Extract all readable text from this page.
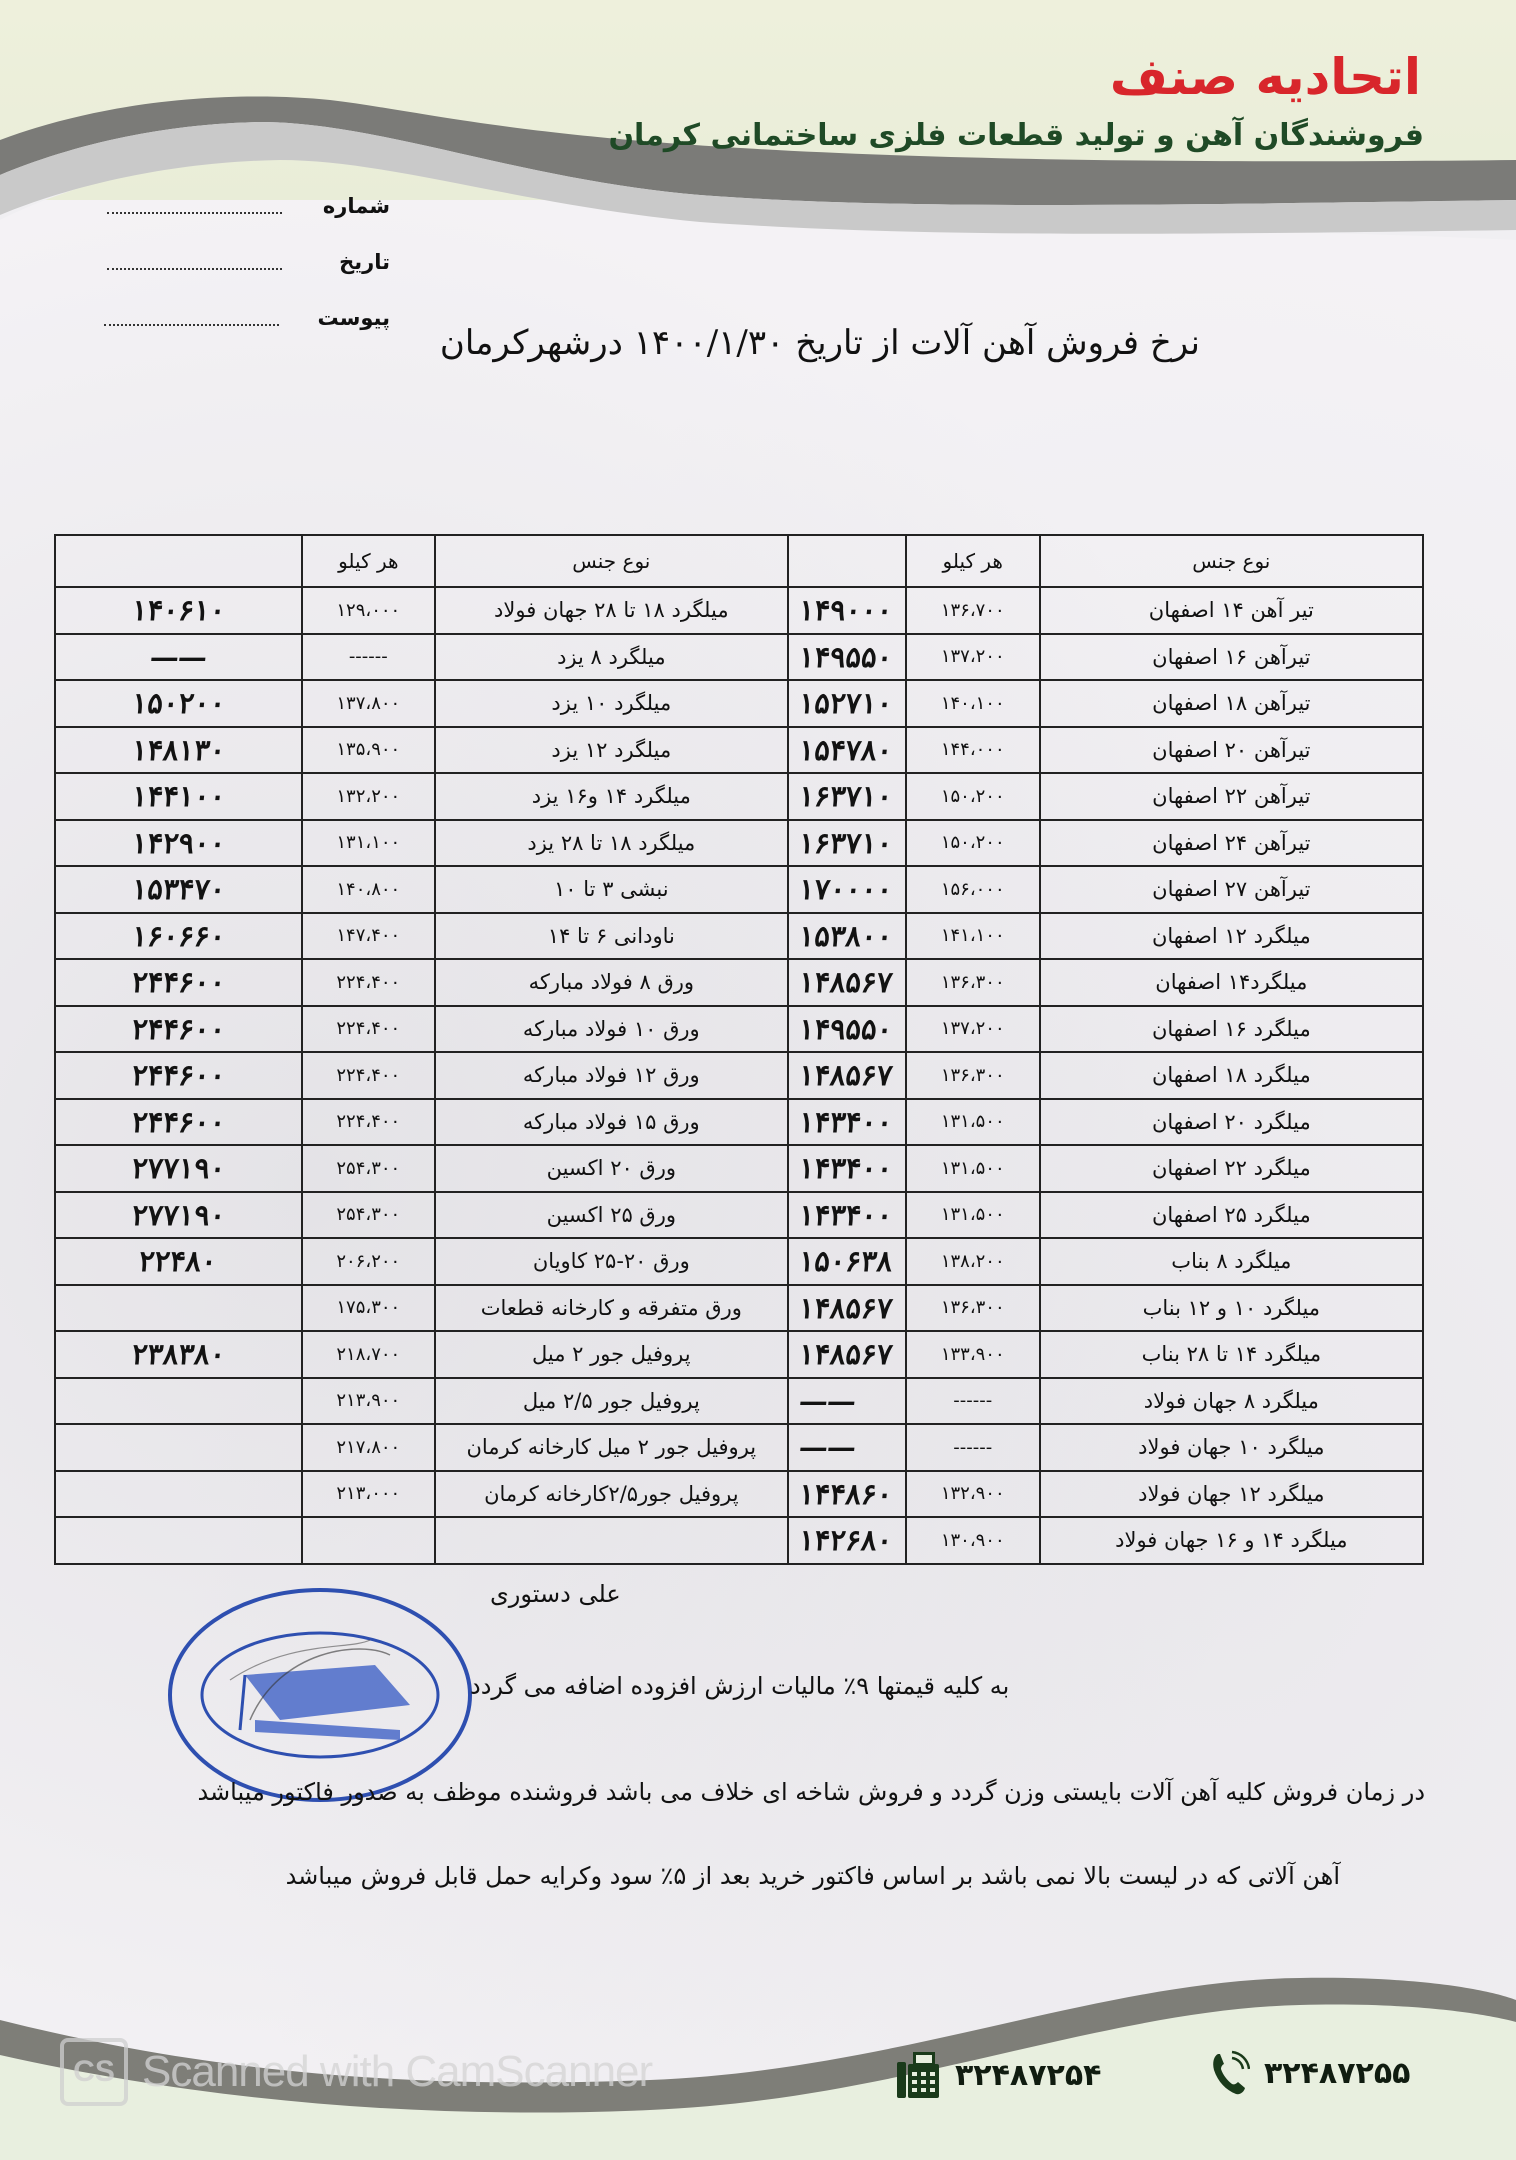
اتحادیه صنف
فروشندگان آهن و تولید قطعات فلزی ساختمانی کرمان
شماره
تاریخ
پیوست
نرخ فروش آهن آلات از تاریخ ۱۴۰۰/۱/۳۰ درشهرکرمان
	هر کیلو	نوع جنس		هر کیلو	نوع جنس
۱۴۰۶۱۰	۱۲۹،۰۰۰	میلگرد ۱۸ تا ۲۸ جهان فولاد	۱۴۹۰۰۰	۱۳۶،۷۰۰	تیر آهن ۱۴ اصفهان
——	------	میلگرد ۸ یزد	۱۴۹۵۵۰	۱۳۷،۲۰۰	تیرآهن ۱۶ اصفهان
۱۵۰۲۰۰	۱۳۷،۸۰۰	میلگرد ۱۰ یزد	۱۵۲۷۱۰	۱۴۰،۱۰۰	تیرآهن ۱۸ اصفهان
۱۴۸۱۳۰	۱۳۵،۹۰۰	میلگرد ۱۲ یزد	۱۵۴۷۸۰	۱۴۴،۰۰۰	تیرآهن ۲۰ اصفهان
۱۴۴۱۰۰	۱۳۲،۲۰۰	میلگرد ۱۴ و۱۶ یزد	۱۶۳۷۱۰	۱۵۰،۲۰۰	تیرآهن ۲۲ اصفهان
۱۴۲۹۰۰	۱۳۱،۱۰۰	میلگرد ۱۸ تا ۲۸ یزد	۱۶۳۷۱۰	۱۵۰،۲۰۰	تیرآهن ۲۴ اصفهان
۱۵۳۴۷۰	۱۴۰،۸۰۰	نبشی ۳ تا ۱۰	۱۷۰۰۰۰	۱۵۶،۰۰۰	تیرآهن ۲۷ اصفهان
۱۶۰۶۶۰	۱۴۷،۴۰۰	ناودانی ۶ تا ۱۴	۱۵۳۸۰۰	۱۴۱،۱۰۰	میلگرد ۱۲ اصفهان
۲۴۴۶۰۰	۲۲۴،۴۰۰	ورق ۸ فولاد مبارکه	۱۴۸۵۶۷	۱۳۶،۳۰۰	میلگرد۱۴ اصفهان
۲۴۴۶۰۰	۲۲۴،۴۰۰	ورق ۱۰ فولاد مبارکه	۱۴۹۵۵۰	۱۳۷،۲۰۰	میلگرد ۱۶ اصفهان
۲۴۴۶۰۰	۲۲۴،۴۰۰	ورق ۱۲ فولاد مبارکه	۱۴۸۵۶۷	۱۳۶،۳۰۰	میلگرد ۱۸ اصفهان
۲۴۴۶۰۰	۲۲۴،۴۰۰	ورق ۱۵ فولاد مبارکه	۱۴۳۴۰۰	۱۳۱،۵۰۰	میلگرد ۲۰ اصفهان
۲۷۷۱۹۰	۲۵۴،۳۰۰	ورق ۲۰ اکسین	۱۴۳۴۰۰	۱۳۱،۵۰۰	میلگرد ۲۲ اصفهان
۲۷۷۱۹۰	۲۵۴،۳۰۰	ورق ۲۵ اکسین	۱۴۳۴۰۰	۱۳۱،۵۰۰	میلگرد ۲۵ اصفهان
۲۲۴۸۰	۲۰۶،۲۰۰	ورق ۲۰-۲۵ کاویان	۱۵۰۶۳۸	۱۳۸،۲۰۰	میلگرد ۸ بناب
	۱۷۵،۳۰۰	ورق متفرقه و کارخانه قطعات	۱۴۸۵۶۷	۱۳۶،۳۰۰	میلگرد ۱۰ و ۱۲ بناب
۲۳۸۳۸۰	۲۱۸،۷۰۰	پروفیل جور ۲ میل	۱۴۸۵۶۷	۱۳۳،۹۰۰	میلگرد ۱۴ تا ۲۸ بناب
	۲۱۳،۹۰۰	پروفیل جور ۲/۵ میل	——	------	میلگرد ۸ جهان فولاد
	۲۱۷،۸۰۰	پروفیل جور ۲ میل کارخانه کرمان	——	------	میلگرد ۱۰ جهان فولاد
	۲۱۳،۰۰۰	پروفیل جور۲/۵کارخانه کرمان	۱۴۴۸۶۰	۱۳۲،۹۰۰	میلگرد ۱۲ جهان فولاد
			۱۴۲۶۸۰	۱۳۰،۹۰۰	میلگرد ۱۴ و ۱۶ جهان فولاد
علی دستوری
به کلیه قیمتها ۹٪ مالیات ارزش افزوده اضافه می گردد
در زمان فروش کلیه آهن آلات بایستی وزن گردد و فروش شاخه ای خلاف می باشد فروشنده موظف به صدور فاکتور میباشد
آهن آلاتی که در لیست بالا نمی باشد بر اساس فاکتور خرید بعد از ۵٪ سود وکرایه حمل قابل فروش میباشد
CS Scanned with CamScanner	۳۲۴۸۷۲۵۴	۳۲۴۸۷۲۵۵
